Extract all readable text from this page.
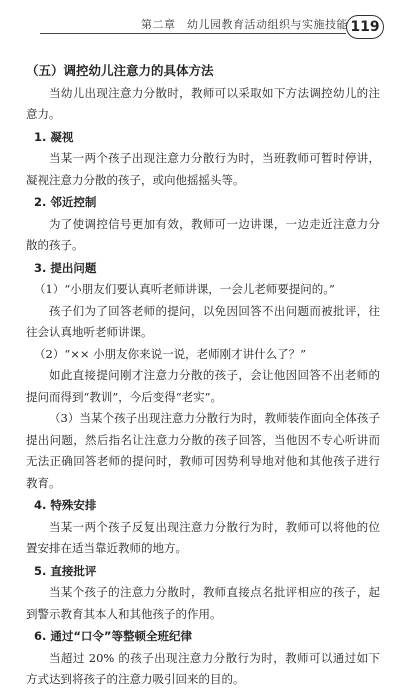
第二章　幼儿园教育活动组织与实施技能 119
（五）调控幼儿注意力的具体方法

当幼儿出现注意力分散时，教师可以采取如下方法调控幼儿的注意力。

1. 凝视

当某一两个孩子出现注意力分散行为时，当班教师可暂时停讲，凝视注意力分散的孩子，或向他摇摇头等。

2. 邻近控制

为了使调控信号更加有效，教师可一边讲课，一边走近注意力分散的孩子。

3. 提出问题

（1）“小朋友们要认真听老师讲课，一会儿老师要提问的。”

孩子们为了回答老师的提问，以免因回答不出问题而被批评，往往会认真地听老师讲课。

（2）“×× 小朋友你来说一说，老师刚才讲什么了？”

如此直接提问刚才注意力分散的孩子，会让他因回答不出老师的提问而得到“教训”，今后变得“老实”。

（3）当某个孩子出现注意力分散行为时，教师装作面向全体孩子提出问题，然后指名让注意力分散的孩子回答，当他因不专心听讲而无法正确回答老师的提问时，教师可因势利导地对他和其他孩子进行教育。

4. 特殊安排

当某一两个孩子反复出现注意力分散行为时，教师可以将他的位置安排在适当靠近教师的地方。

5. 直接批评

当某个孩子的注意力分散时，教师直接点名批评相应的孩子，起到警示教育其本人和其他孩子的作用。

6. 通过“口令”等整顿全班纪律

当超过 20% 的孩子出现注意力分散行为时，教师可以通过如下方式达到将孩子的注意力吸引回来的目的。
